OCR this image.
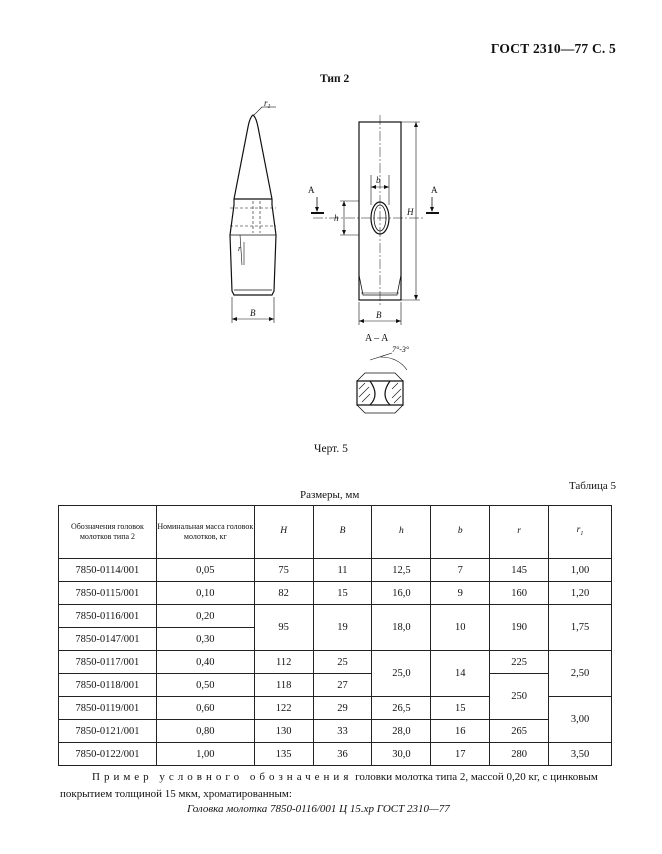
ГОСТ 2310—77 С. 5
Тип 2
$r_1$
r
B	B
b
h
H
A	A
A – A
7°-3°
Черт. 5
Таблица 5
Размеры, мм
Обозначения головок молотков типа 2	Номинальная масса головок молотков, кг	H	B	h	b	r	$r_1$
7850-0114/001	0,05	75	11	12,5	7	145	1,00
7850-0115/001	0,10	82	15	16,0	9	160	1,20
7850-0116/001	0,20	95	19	18,0	10	190	1,75
7850-0147/001	0,30						
7850-0117/001	0,40	112	25	25,0	14	225	2,50
7850-0118/001	0,50	118	27			250	
7850-0119/001	0,60	122	29	26,5	15		3,00
7850-0121/001	0,80	130	33	28,0	16	265	
7850-0122/001	1,00	135	36	30,0	17	280	3,50
Пример условного обозначения головки молотка типа 2, массой 0,20 кг, с цинковым покрытием толщиной 15 мкм, хроматированным:
Головка молотка 7850-0116/001 Ц 15.хр ГОСТ 2310—77
